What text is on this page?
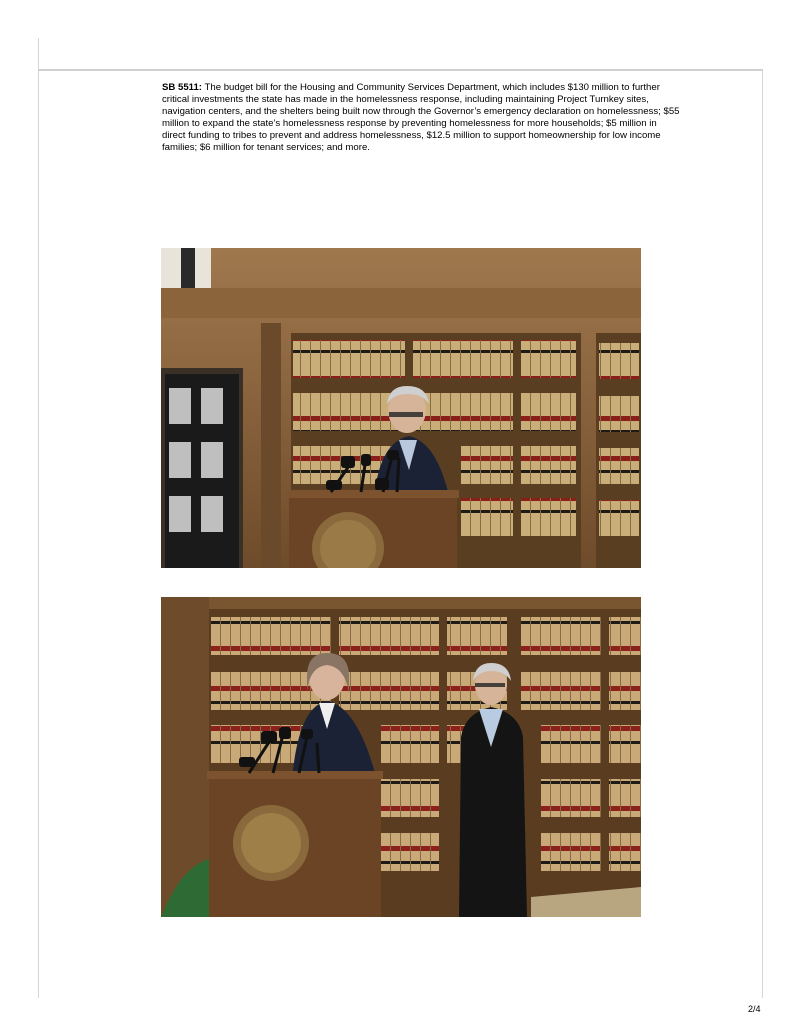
SB 5511: The budget bill for the Housing and Community Services Department, which includes $130 million to further critical investments the state has made in the homelessness response, including maintaining Project Turnkey sites, navigation centers, and the shelters being built now through the Governor’s emergency declaration on homelessness; $55 million to expand the state’s homelessness response by preventing homelessness for more households; $5 million in direct funding to tribes to prevent and address homelessness, $12.5 million to support homeownership for low income families; $6 million for tenant services; and more.

2/4
